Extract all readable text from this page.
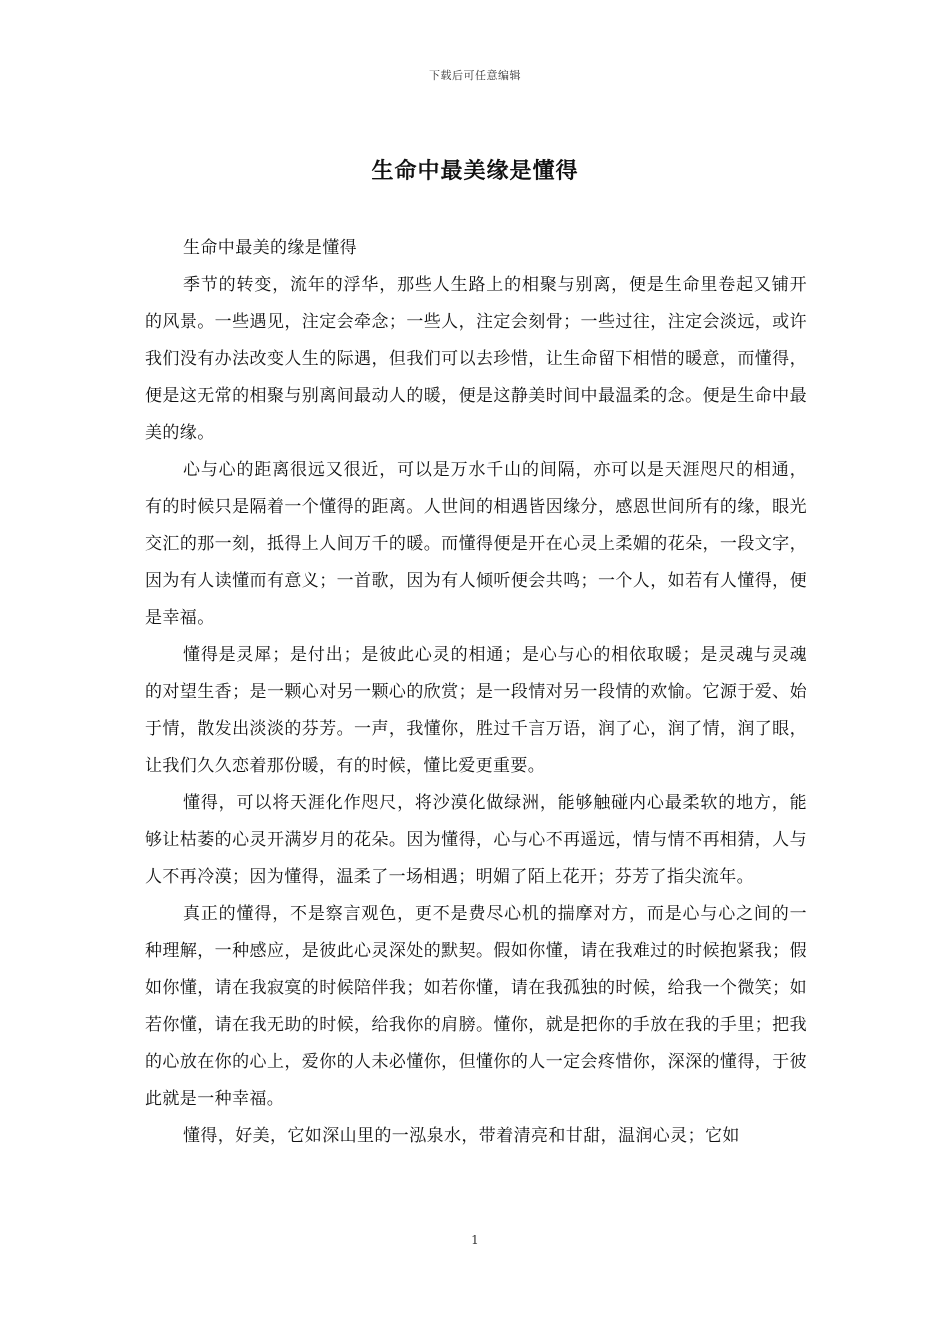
下载后可任意编辑
生命中最美缘是懂得

生命中最美的缘是懂得

季节的转变，流年的浮华，那些人生路上的相聚与别离，便是生命里卷起又铺开的风景。一些遇见，注定会牵念；一些人，注定会刻骨；一些过往，注定会淡远，或许我们没有办法改变人生的际遇，但我们可以去珍惜，让生命留下相惜的暖意，而懂得，便是这无常的相聚与别离间最动人的暖，便是这静美时间中最温柔的念。便是生命中最美的缘。

心与心的距离很远又很近，可以是万水千山的间隔，亦可以是天涯咫尺的相通，有的时候只是隔着一个懂得的距离。人世间的相遇皆因缘分，感恩世间所有的缘，眼光交汇的那一刻，抵得上人间万千的暖。而懂得便是开在心灵上柔媚的花朵，一段文字，因为有人读懂而有意义；一首歌，因为有人倾听便会共鸣；一个人，如若有人懂得，便是幸福。

懂得是灵犀；是付出；是彼此心灵的相通；是心与心的相依取暖；是灵魂与灵魂的对望生香；是一颗心对另一颗心的欣赏；是一段情对另一段情的欢愉。它源于爱、始于情，散发出淡淡的芬芳。一声，我懂你，胜过千言万语，润了心，润了情，润了眼，让我们久久恋着那份暖，有的时候，懂比爱更重要。

懂得，可以将天涯化作咫尺，将沙漠化做绿洲，能够触碰内心最柔软的地方，能够让枯萎的心灵开满岁月的花朵。因为懂得，心与心不再遥远，情与情不再相猜，人与人不再冷漠；因为懂得，温柔了一场相遇；明媚了陌上花开；芬芳了指尖流年。

真正的懂得，不是察言观色，更不是费尽心机的揣摩对方，而是心与心之间的一种理解，一种感应，是彼此心灵深处的默契。假如你懂，请在我难过的时候抱紧我；假如你懂，请在我寂寞的时候陪伴我；如若你懂，请在我孤独的时候，给我一个微笑；如若你懂，请在我无助的时候，给我你的肩膀。懂你，就是把你的手放在我的手里；把我的心放在你的心上，爱你的人未必懂你，但懂你的人一定会疼惜你，深深的懂得，于彼此就是一种幸福。

懂得，好美，它如深山里的一泓泉水，带着清亮和甘甜，温润心灵；它如

1
